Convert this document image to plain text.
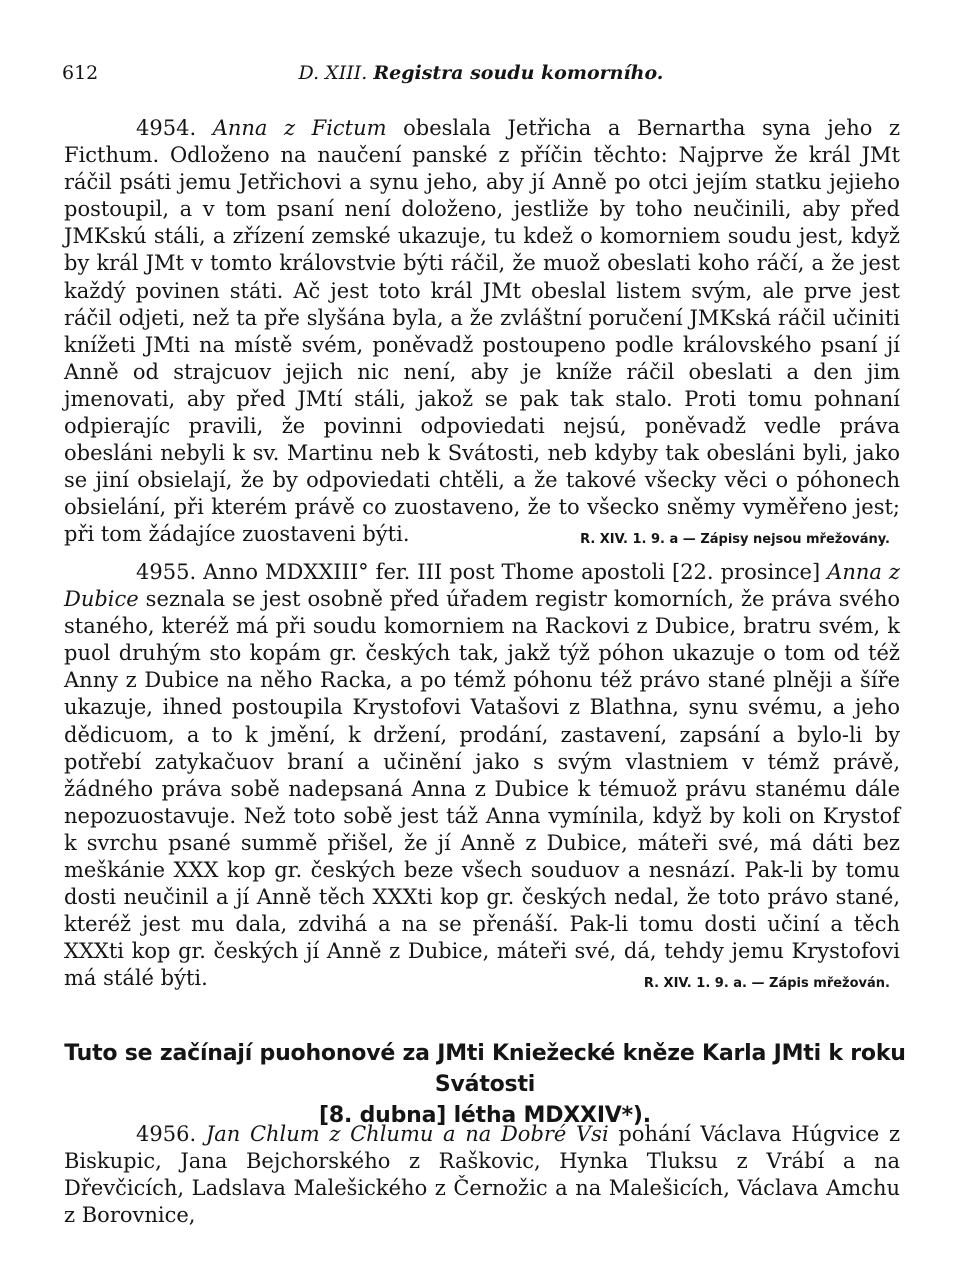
612	D. XIII. Registra soudu komorního.

4954. Anna z Fictum obeslala Jetřicha a Bernartha syna jeho z Ficthum. Odloženo na naučení panské z příčin těchto: Najprve že král JMt ráčil psáti jemu Jetřichovi a synu jeho, aby jí Anně po otci jejím statku jejieho postoupil, a v tom psaní není doloženo, jestliže by toho neučinili, aby před JMKskú stáli, a zřízení zemské ukazuje, tu kdež o komorniem soudu jest, když by král JMt v tomto královstvie býti ráčil, že muož obeslati koho ráčí, a že jest každý povinen státi. Ač jest toto král JMt obeslal listem svým, ale prve jest ráčil odjeti, než ta pře slyšána byla, a že zvláštní poručení JMKská ráčil učiniti knížeti JMti na místě svém, poněvadž postoupeno podle královského psaní jí Anně od strajcuov jejich nic není, aby je kníže ráčil obeslati a den jim jmenovati, aby před JMtí stáli, jakož se pak tak stalo. Proti tomu pohnaní odpierajíc pravili, že povinni odpoviedati nejsú, poněvadž vedle práva obesláni nebyli k sv. Martinu neb k Svátosti, neb kdyby tak obesláni byli, jako se jiní obsielají, že by odpoviedati chtěli, a že takové všecky věci o póhonech obsielání, při kterém právě co zuostaveno, že to všecko sněmy vyměřeno jest; při tom žádajíce zuostaveni býti.	R. XIV. 1. 9. a — Zápisy nejsou mřežovány.

4955. Anno MDXXIII° fer. III post Thome apostoli [22. prosince] Anna z Dubice seznala se jest osobně před úřadem registr komorních, že práva svého staného, kteréž má při soudu komorniem na Rackovi z Dubice, bratru svém, k puol druhým sto kopám gr. českých tak, jakž týž póhon ukazuje o tom od též Anny z Dubice na něho Racka, a po témž póhonu též právo stané plněji a šíře ukazuje, ihned postoupila Krystofovi Vatašovi z Blathna, synu svému, a jeho dědicuom, a to k jmění, k držení, prodání, zastavení, zapsání a bylo-li by potřebí zatykačuov braní a učinění jako s svým vlastniem v témž právě, žádného práva sobě nadepsaná Anna z Dubice k témuož právu stanému dále nepozuostavuje. Než toto sobě jest táž Anna vymínila, když by koli on Krystof k svrchu psané summě přišel, že jí Anně z Dubice, máteři své, má dáti bez meškánie XXX kop gr. českých beze všech souduov a nesnází. Pak-li by tomu dosti neučinil a jí Anně těch XXXti kop gr. českých nedal, že toto právo stané, kteréž jest mu dala, zdvihá a na se přenáší. Pak-li tomu dosti učiní a těch XXXti kop gr. českých jí Anně z Dubice, máteři své, dá, tehdy jemu Krystofovi má stálé býti.	R. XIV. 1. 9. a. — Zápis mřežován.

Tuto se začínají puohonové za JMti Kniežecké kněze Karla JMti k roku Svátosti
[8. dubna] létha MDXXIV*).

4956. Jan Chlum z Chlumu a na Dobré Vsi pohání Václava Húgvice z Biskupic, Jana Bejchorského z Raškovic, Hynka Tluksu z Vrábí a na Dřevčicích, Ladslava Malešického z Černožic a na Malešicích, Václava Amchu z Borovnice,
